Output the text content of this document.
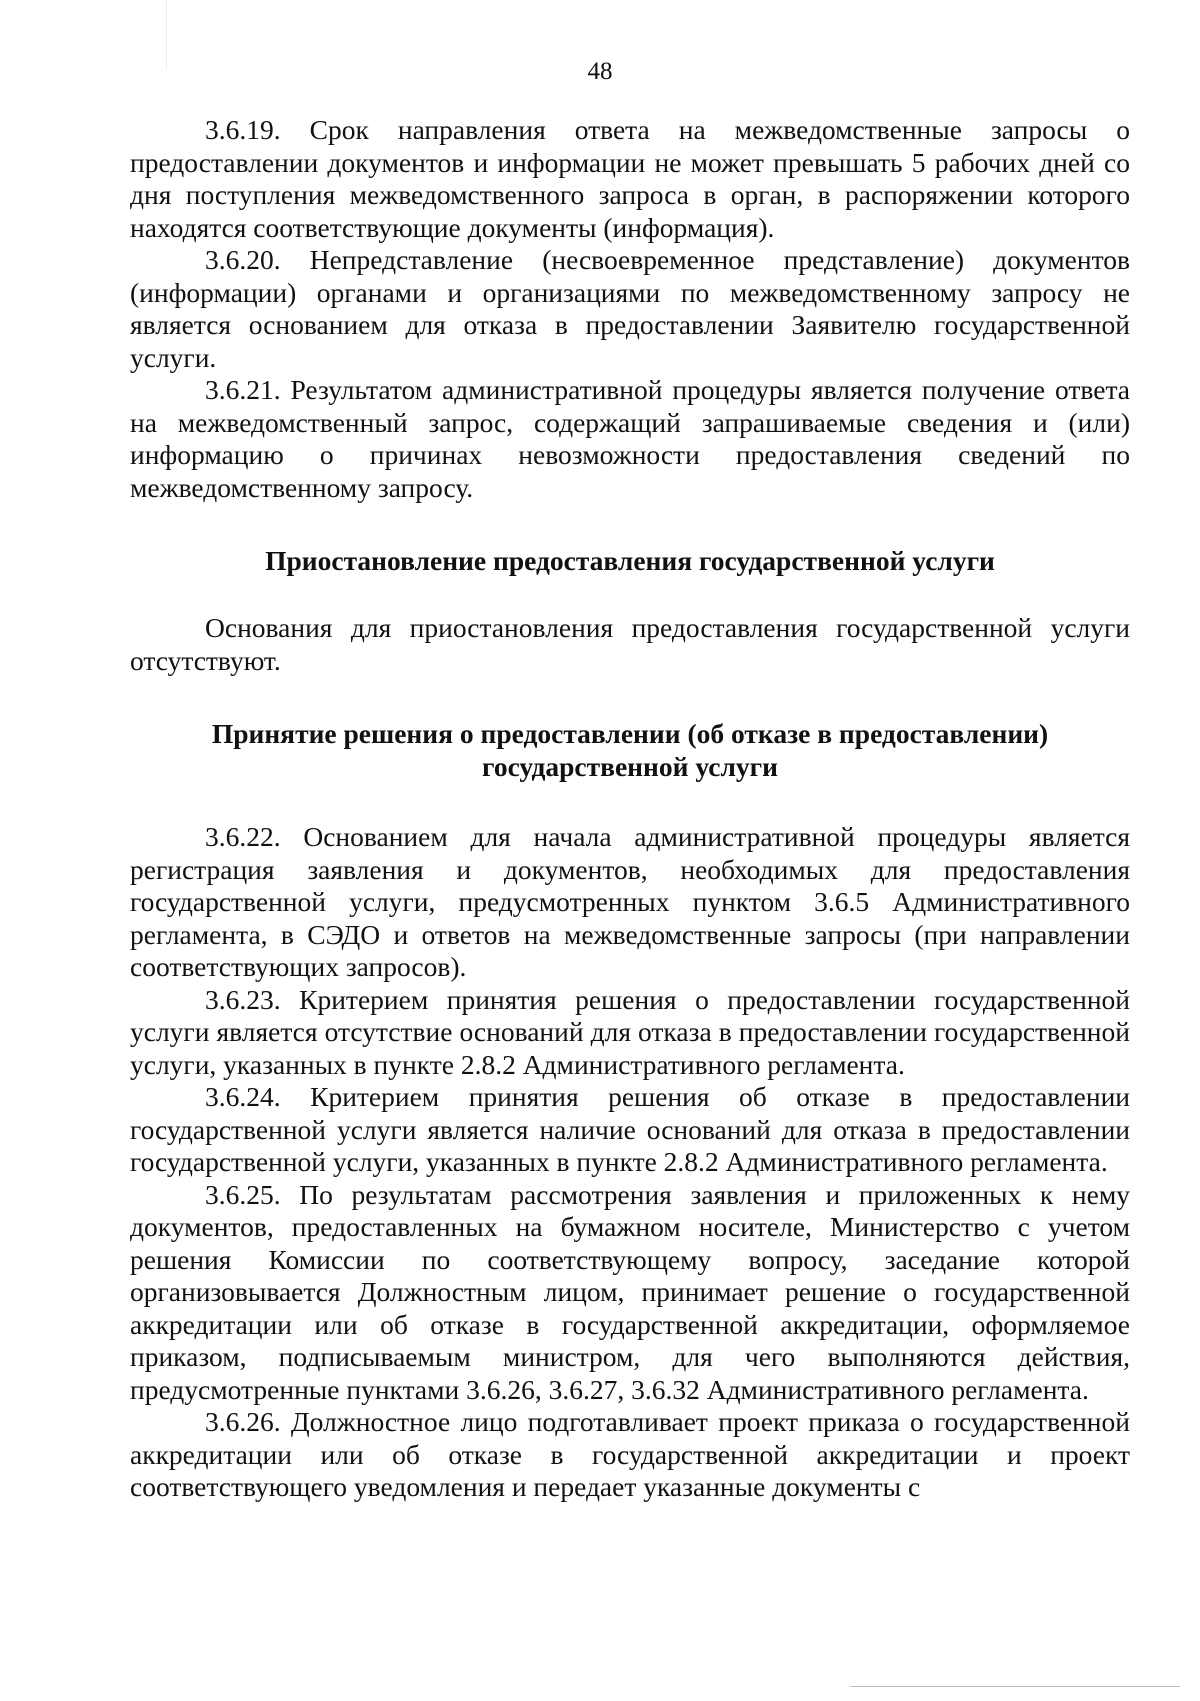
48

3.6.19. Срок направления ответа на межведомственные запросы о предоставлении документов и информации не может превышать 5 рабочих дней со дня поступления межведомственного запроса в орган, в распоряжении которого находятся соответствующие документы (информация).

3.6.20. Непредставление (несвоевременное представление) документов (информации) органами и организациями по межведомственному запросу не является основанием для отказа в предоставлении Заявителю государственной услуги.

3.6.21. Результатом административной процедуры является получение ответа на межведомственный запрос, содержащий запрашиваемые сведения и (или) информацию о причинах невозможности предоставления сведений по межведомственному запросу.

Приостановление предоставления государственной услуги

Основания для приостановления предоставления государственной услуги отсутствуют.

Принятие решения о предоставлении (об отказе в предоставлении)
государственной услуги

3.6.22. Основанием для начала административной процедуры является регистрация заявления и документов, необходимых для предоставления государственной услуги, предусмотренных пунктом 3.6.5 Административного регламента, в СЭДО и ответов на межведомственные запросы (при направлении соответствующих запросов).

3.6.23. Критерием принятия решения о предоставлении государственной услуги является отсутствие оснований для отказа в предоставлении государственной услуги, указанных в пункте 2.8.2 Административного регламента.

3.6.24. Критерием принятия решения об отказе в предоставлении государственной услуги является наличие оснований для отказа в предоставлении государственной услуги, указанных в пункте 2.8.2 Административного регламента.

3.6.25. По результатам рассмотрения заявления и приложенных к нему документов, предоставленных на бумажном носителе, Министерство с учетом решения Комиссии по соответствующему вопросу, заседание которой организовывается Должностным лицом, принимает решение о государственной аккредитации или об отказе в государственной аккредитации, оформляемое приказом, подписываемым министром, для чего выполняются действия, предусмотренные пунктами 3.6.26, 3.6.27, 3.6.32 Административного регламента.

3.6.26. Должностное лицо подготавливает проект приказа о государственной аккредитации или об отказе в государственной аккредитации и проект соответствующего уведомления и передает указанные документы с
